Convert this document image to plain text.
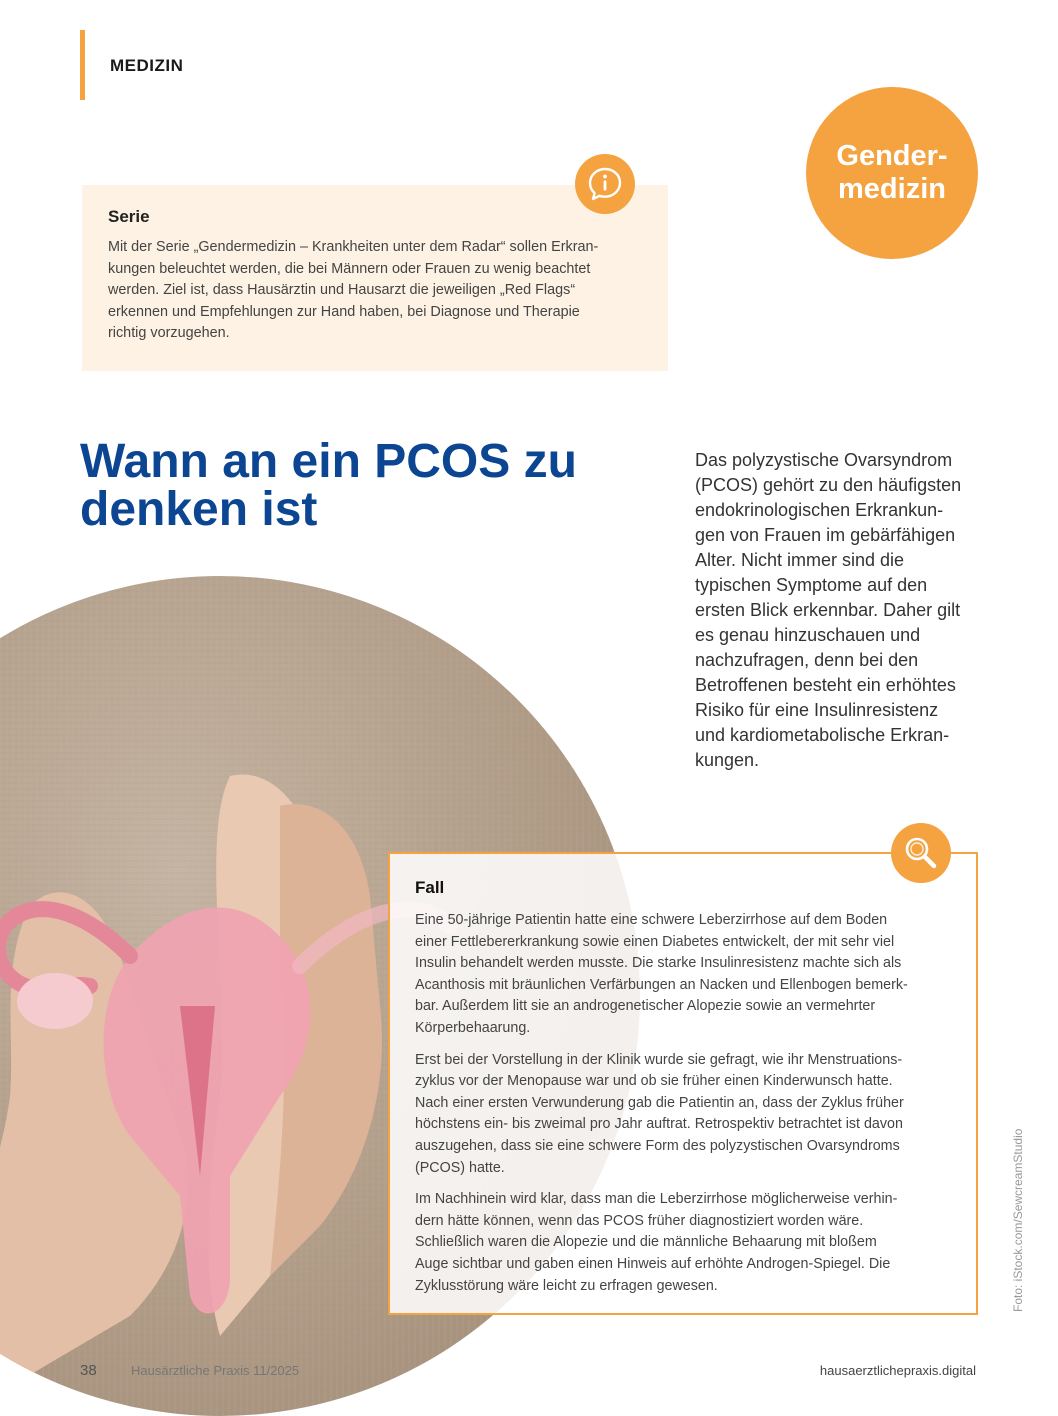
MEDIZIN
Gender-
medizin
Serie

Mit der Serie „Gendermedizin – Krankheiten unter dem Radar“ sollen Erkran-
kungen beleuchtet werden, die bei Männern oder Frauen zu wenig beachtet
werden. Ziel ist, dass Hausärztin und Hausarzt die jeweiligen „Red Flags“
erkennen und Empfehlungen zur Hand haben, bei Diagnose und Therapie
richtig vorzugehen.

Wann an ein PCOS zu
denken ist

Das polyzystische Ovarsyndrom
(PCOS) gehört zu den häufigsten
endokrinologischen Erkrankun-
gen von Frauen im gebärfähigen
Alter. Nicht immer sind die
typischen Symptome auf den
ersten Blick erkennbar. Daher gilt
es genau hinzuschauen und
nachzufragen, denn bei den
Betroffenen besteht ein erhöhtes
Risiko für eine Insulinresistenz
und kardiometabolische Erkran-
kungen.

Fall

Eine 50-jährige Patientin hatte eine schwere Leberzirrhose auf dem Boden
einer Fettlebererkrankung sowie einen Diabetes entwickelt, der mit sehr viel
Insulin behandelt werden musste. Die starke Insulinresistenz machte sich als
Acanthosis mit bräunlichen Verfärbungen an Nacken und Ellenbogen bemerk-
bar. Außerdem litt sie an androgenetischer Alopezie sowie an vermehrter
Körperbehaarung.

Erst bei der Vorstellung in der Klinik wurde sie gefragt, wie ihr Menstruations-
zyklus vor der Menopause war und ob sie früher einen Kinderwunsch hatte.
Nach einer ersten Verwunderung gab die Patientin an, dass der Zyklus früher
höchstens ein- bis zweimal pro Jahr auftrat. Retrospektiv betrachtet ist davon
auszugehen, dass sie eine schwere Form des polyzystischen Ovarsyndroms
(PCOS) hatte.

Im Nachhinein wird klar, dass man die Leberzirrhose möglicherweise verhin-
dern hätte können, wenn das PCOS früher diagnostiziert worden wäre.
Schließlich waren die Alopezie und die männliche Behaarung mit bloßem
Auge sichtbar und gaben einen Hinweis auf erhöhte Androgen-Spiegel. Die
Zyklusstörung wäre leicht zu erfragen gewesen.	Foto: iStock.com/SewcreamStudio
38	Hausärztliche Praxis 11/2025	hausaerztlichepraxis.digital
